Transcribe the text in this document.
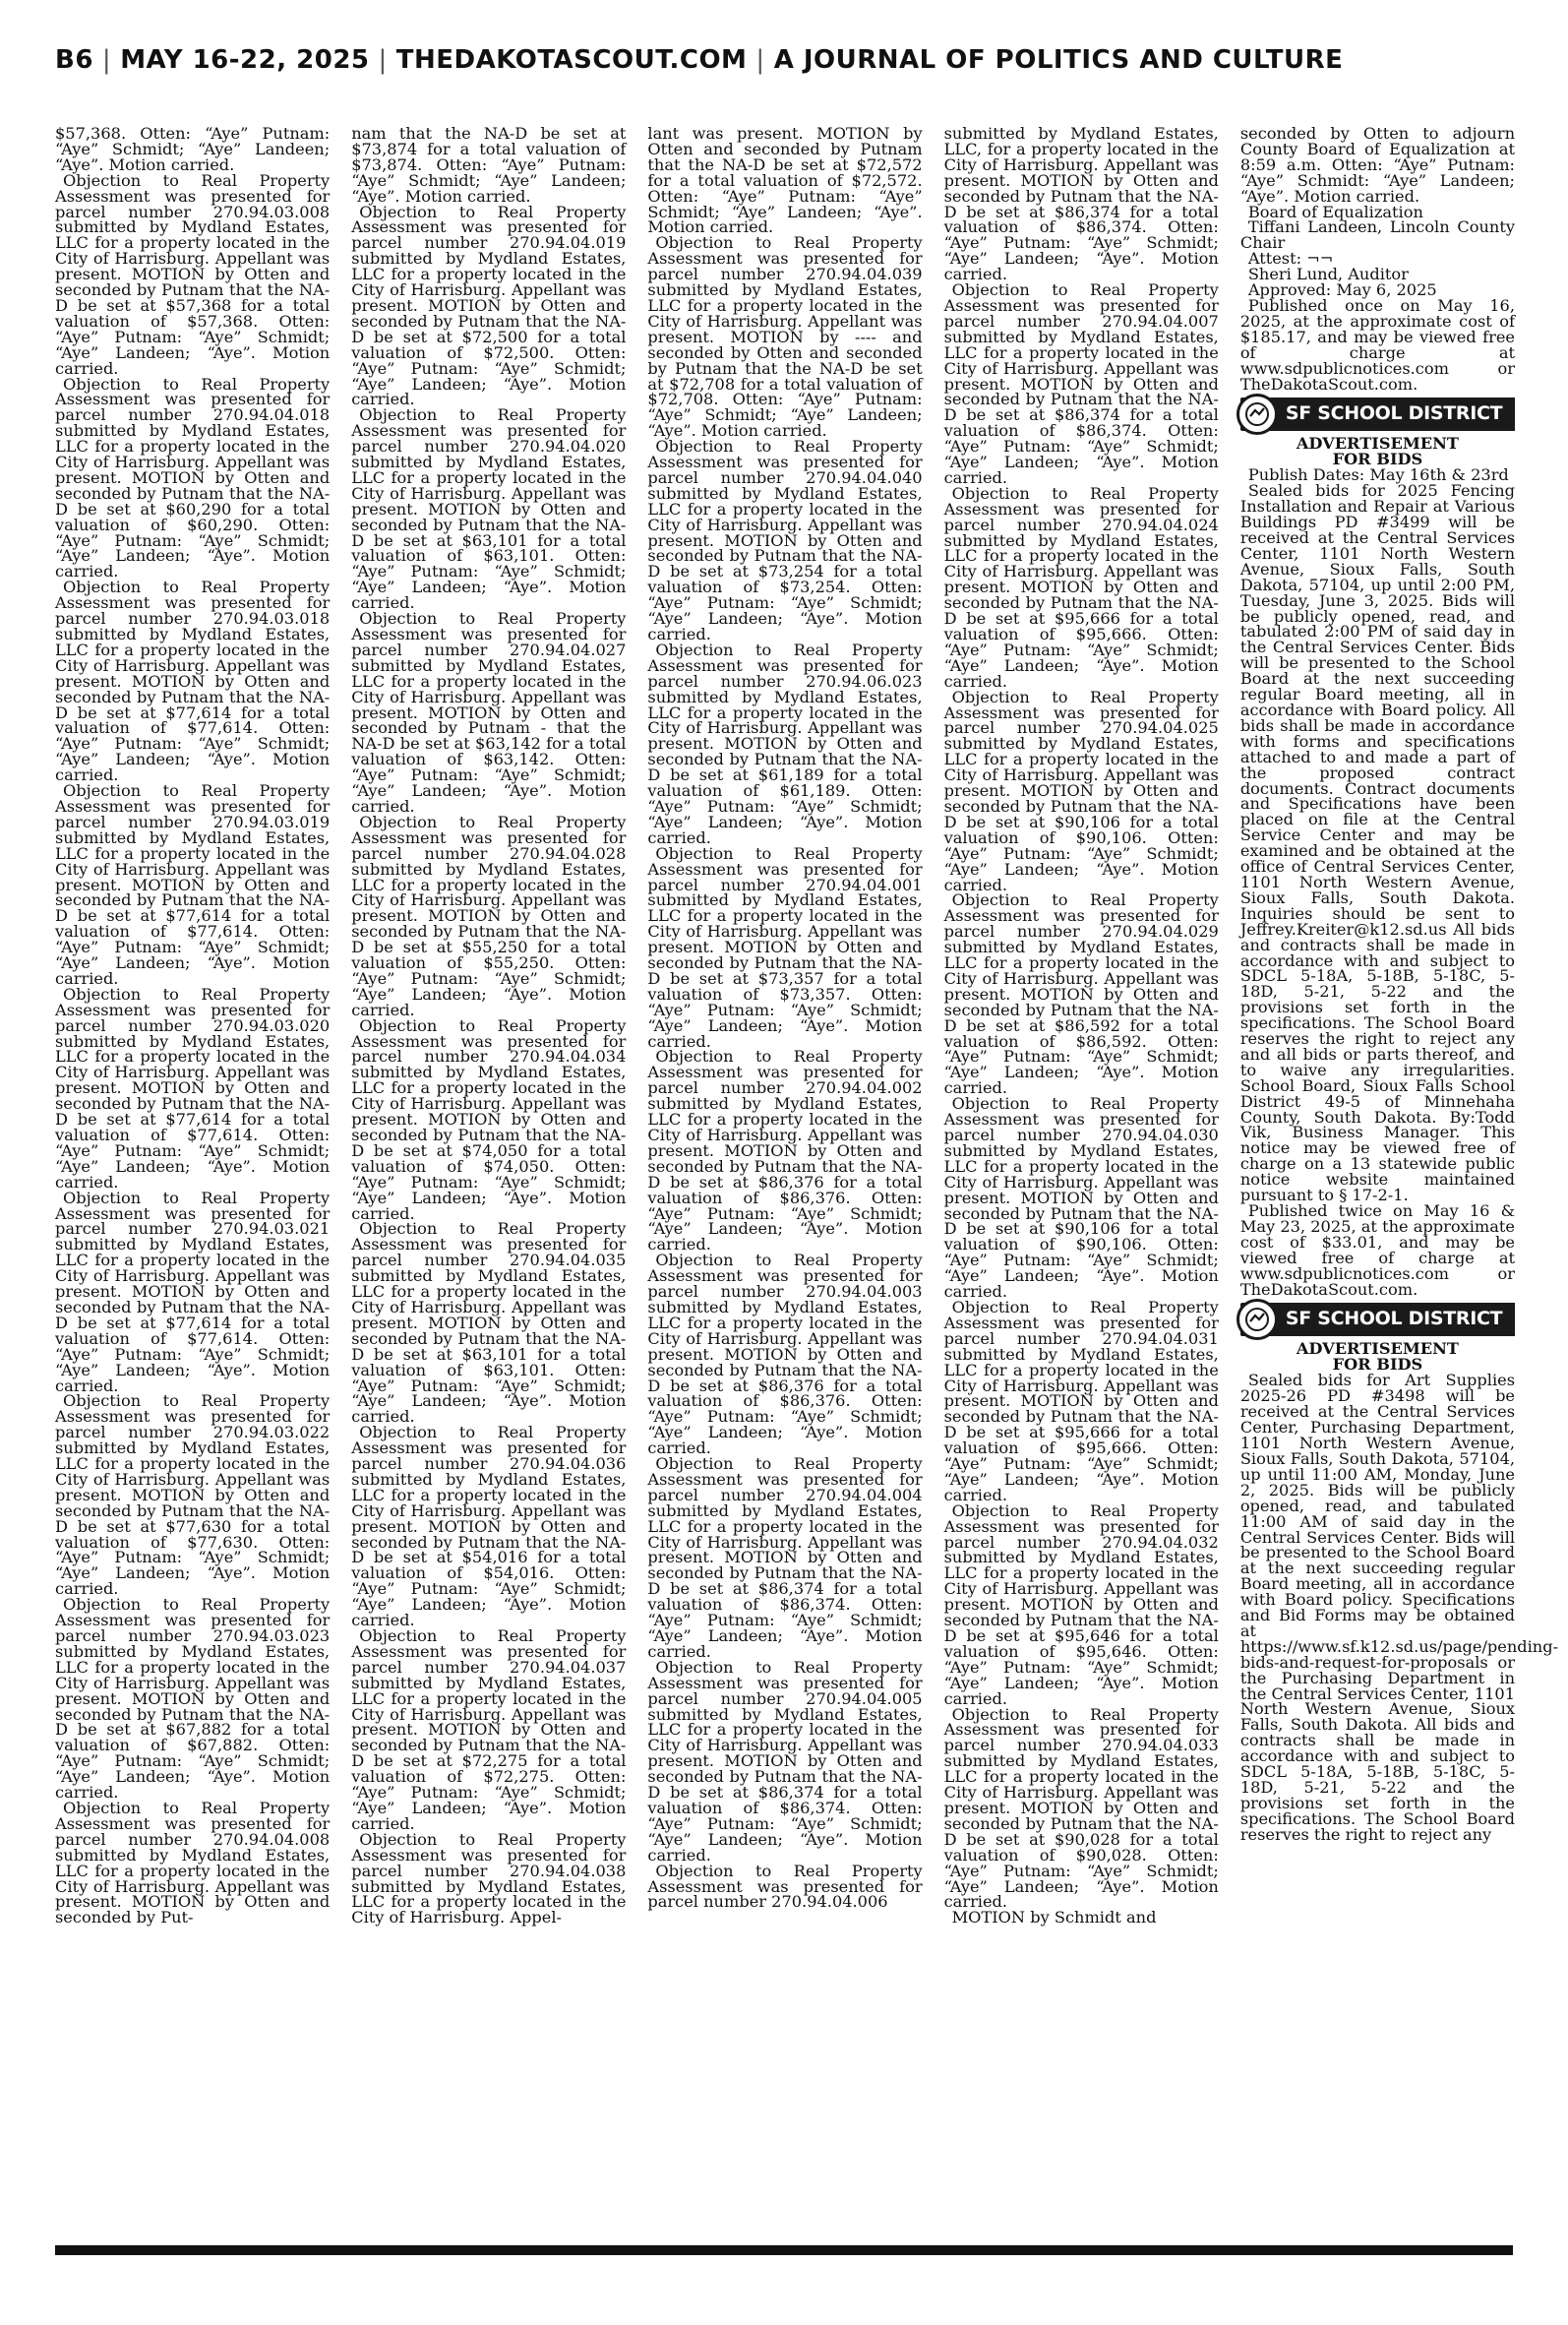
B6 | MAY 16-22, 2025 | THEDAKOTASCOUT.COM | A JOURNAL OF POLITICS AND CULTURE

$57,368. Otten: “Aye” Putnam: “Aye” Schmidt; “Aye” Landeen; “Aye”. Motion carried.

Objection to Real Property Assessment was presented for parcel number 270.94.03.008 submitted by Mydland Estates, LLC for a property located in the City of Harrisburg. Appellant was present. MOTION by Otten and seconded by Putnam that the NA-D be set at $57,368 for a total valuation of $57,368. Otten: “Aye” Putnam: “Aye” Schmidt; “Aye” Landeen; “Aye”. Motion carried.

Objection to Real Property Assessment was presented for parcel number 270.94.04.018 submitted by Mydland Estates, LLC for a property located in the City of Harrisburg. Appellant was present. MOTION by Otten and seconded by Putnam that the NA-D be set at $60,290 for a total valuation of $60,290. Otten: “Aye” Putnam: “Aye” Schmidt; “Aye” Landeen; “Aye”. Motion carried.

Objection to Real Property Assessment was presented for parcel number 270.94.03.018 submitted by Mydland Estates, LLC for a property located in the City of Harrisburg. Appellant was present. MOTION by Otten and seconded by Putnam that the NA-D be set at $77,614 for a total valuation of $77,614. Otten: “Aye” Putnam: “Aye” Schmidt; “Aye” Landeen; “Aye”. Motion carried.

Objection to Real Property Assessment was presented for parcel number 270.94.03.019 submitted by Mydland Estates, LLC for a property located in the City of Harrisburg. Appellant was present. MOTION by Otten and seconded by Putnam that the NA-D be set at $77,614 for a total valuation of $77,614. Otten: “Aye” Putnam: “Aye” Schmidt; “Aye” Landeen; “Aye”. Motion carried.

Objection to Real Property Assessment was presented for parcel number 270.94.03.020 submitted by Mydland Estates, LLC for a property located in the City of Harrisburg. Appellant was present. MOTION by Otten and seconded by Putnam that the NA-D be set at $77,614 for a total valuation of $77,614. Otten: “Aye” Putnam: “Aye” Schmidt; “Aye” Landeen; “Aye”. Motion carried.

Objection to Real Property Assessment was presented for parcel number 270.94.03.021 submitted by Mydland Estates, LLC for a property located in the City of Harrisburg. Appellant was present. MOTION by Otten and seconded by Putnam that the NA-D be set at $77,614 for a total valuation of $77,614. Otten: “Aye” Putnam: “Aye” Schmidt; “Aye” Landeen; “Aye”. Motion carried.

Objection to Real Property Assessment was presented for parcel number 270.94.03.022 submitted by Mydland Estates, LLC for a property located in the City of Harrisburg. Appellant was present. MOTION by Otten and seconded by Putnam that the NA-D be set at $77,630 for a total valuation of $77,630. Otten: “Aye” Putnam: “Aye” Schmidt; “Aye” Landeen; “Aye”. Motion carried.

Objection to Real Property Assessment was presented for parcel number 270.94.03.023 submitted by Mydland Estates, LLC for a property located in the City of Harrisburg. Appellant was present. MOTION by Otten and seconded by Putnam that the NA-D be set at $67,882 for a total valuation of $67,882. Otten: “Aye” Putnam: “Aye” Schmidt; “Aye” Landeen; “Aye”. Motion carried.

Objection to Real Property Assessment was presented for parcel number 270.94.04.008 submitted by Mydland Estates, LLC for a property located in the City of Harrisburg. Appellant was present. MOTION by Otten and seconded by Put-

nam that the NA-D be set at $73,874 for a total valuation of $73,874. Otten: “Aye” Putnam: “Aye” Schmidt; “Aye” Landeen; “Aye”. Motion carried.

Objection to Real Property Assessment was presented for parcel number 270.94.04.019 submitted by Mydland Estates, LLC for a property located in the City of Harrisburg. Appellant was present. MOTION by Otten and seconded by Putnam that the NA-D be set at $72,500 for a total valuation of $72,500. Otten: “Aye” Putnam: “Aye” Schmidt; “Aye” Landeen; “Aye”. Motion carried.

Objection to Real Property Assessment was presented for parcel number 270.94.04.020 submitted by Mydland Estates, LLC for a property located in the City of Harrisburg. Appellant was present. MOTION by Otten and seconded by Putnam that the NA-D be set at $63,101 for a total valuation of $63,101. Otten: “Aye” Putnam: “Aye” Schmidt; “Aye” Landeen; “Aye”. Motion carried.

Objection to Real Property Assessment was presented for parcel number 270.94.04.027 submitted by Mydland Estates, LLC for a property located in the City of Harrisburg. Appellant was present. MOTION by Otten and seconded by Putnam - that the NA-D be set at $63,142 for a total valuation of $63,142. Otten: “Aye” Putnam: “Aye” Schmidt; “Aye” Landeen; “Aye”. Motion carried.

Objection to Real Property Assessment was presented for parcel number 270.94.04.028 submitted by Mydland Estates, LLC for a property located in the City of Harrisburg. Appellant was present. MOTION by Otten and seconded by Putnam that the NA-D be set at $55,250 for a total valuation of $55,250. Otten: “Aye” Putnam: “Aye” Schmidt; “Aye” Landeen; “Aye”. Motion carried.

Objection to Real Property Assessment was presented for parcel number 270.94.04.034 submitted by Mydland Estates, LLC for a property located in the City of Harrisburg. Appellant was present. MOTION by Otten and seconded by Putnam that the NA-D be set at $74,050 for a total valuation of $74,050. Otten: “Aye” Putnam: “Aye” Schmidt; “Aye” Landeen; “Aye”. Motion carried.

Objection to Real Property Assessment was presented for parcel number 270.94.04.035 submitted by Mydland Estates, LLC for a property located in the City of Harrisburg. Appellant was present. MOTION by Otten and seconded by Putnam that the NA-D be set at $63,101 for a total valuation of $63,101. Otten: “Aye” Putnam: “Aye” Schmidt; “Aye” Landeen; “Aye”. Motion carried.

Objection to Real Property Assessment was presented for parcel number 270.94.04.036 submitted by Mydland Estates, LLC for a property located in the City of Harrisburg. Appellant was present. MOTION by Otten and seconded by Putnam that the NA-D be set at $54,016 for a total valuation of $54,016. Otten: “Aye” Putnam: “Aye” Schmidt; “Aye” Landeen; “Aye”. Motion carried.

Objection to Real Property Assessment was presented for parcel number 270.94.04.037 submitted by Mydland Estates, LLC for a property located in the City of Harrisburg. Appellant was present. MOTION by Otten and seconded by Putnam that the NA-D be set at $72,275 for a total valuation of $72,275. Otten: “Aye” Putnam: “Aye” Schmidt; “Aye” Landeen; “Aye”. Motion carried.

Objection to Real Property Assessment was presented for parcel number 270.94.04.038 submitted by Mydland Estates, LLC for a property located in the City of Harrisburg. Appel-

lant was present. MOTION by Otten and seconded by Putnam that the NA-D be set at $72,572 for a total valuation of $72,572. Otten: “Aye” Putnam: “Aye” Schmidt; “Aye” Landeen; “Aye”. Motion carried.

Objection to Real Property Assessment was presented for parcel number 270.94.04.039 submitted by Mydland Estates, LLC for a property located in the City of Harrisburg. Appellant was present. MOTION by ---- and seconded by Otten and seconded by Putnam that the NA-D be set at $72,708 for a total valuation of $72,708. Otten: “Aye” Putnam: “Aye” Schmidt; “Aye” Landeen; “Aye”. Motion carried.

Objection to Real Property Assessment was presented for parcel number 270.94.04.040 submitted by Mydland Estates, LLC for a property located in the City of Harrisburg. Appellant was present. MOTION by Otten and seconded by Putnam that the NA-D be set at $73,254 for a total valuation of $73,254. Otten: “Aye” Putnam: “Aye” Schmidt; “Aye” Landeen; “Aye”. Motion carried.

Objection to Real Property Assessment was presented for parcel number 270.94.06.023 submitted by Mydland Estates, LLC for a property located in the City of Harrisburg. Appellant was present. MOTION by Otten and seconded by Putnam that the NA-D be set at $61,189 for a total valuation of $61,189. Otten: “Aye” Putnam: “Aye” Schmidt; “Aye” Landeen; “Aye”. Motion carried.

Objection to Real Property Assessment was presented for parcel number 270.94.04.001 submitted by Mydland Estates, LLC for a property located in the City of Harrisburg. Appellant was present. MOTION by Otten and seconded by Putnam that the NA-D be set at $73,357 for a total valuation of $73,357. Otten: “Aye” Putnam: “Aye” Schmidt; “Aye” Landeen; “Aye”. Motion carried.

Objection to Real Property Assessment was presented for parcel number 270.94.04.002 submitted by Mydland Estates, LLC for a property located in the City of Harrisburg. Appellant was present. MOTION by Otten and seconded by Putnam that the NA-D be set at $86,376 for a total valuation of $86,376. Otten: “Aye” Putnam: “Aye” Schmidt; “Aye” Landeen; “Aye”. Motion carried.

Objection to Real Property Assessment was presented for parcel number 270.94.04.003 submitted by Mydland Estates, LLC for a property located in the City of Harrisburg. Appellant was present. MOTION by Otten and seconded by Putnam that the NA-D be set at $86,376 for a total valuation of $86,376. Otten: “Aye” Putnam: “Aye” Schmidt; “Aye” Landeen; “Aye”. Motion carried.

Objection to Real Property Assessment was presented for parcel number 270.94.04.004 submitted by Mydland Estates, LLC for a property located in the City of Harrisburg. Appellant was present. MOTION by Otten and seconded by Putnam that the NA-D be set at $86,374 for a total valuation of $86,374. Otten: “Aye” Putnam: “Aye” Schmidt; “Aye” Landeen; “Aye”. Motion carried.

Objection to Real Property Assessment was presented for parcel number 270.94.04.005 submitted by Mydland Estates, LLC for a property located in the City of Harrisburg. Appellant was present. MOTION by Otten and seconded by Putnam that the NA-D be set at $86,374 for a total valuation of $86,374. Otten: “Aye” Putnam: “Aye” Schmidt; “Aye” Landeen; “Aye”. Motion carried.

Objection to Real Property Assessment was presented for parcel number 270.94.04.006

submitted by Mydland Estates, LLC, for a property located in the City of Harrisburg. Appellant was present. MOTION by Otten and seconded by Putnam that the NA-D be set at $86,374 for a total valuation of $86,374. Otten: “Aye” Putnam: “Aye” Schmidt; “Aye” Landeen; “Aye”. Motion carried.

Objection to Real Property Assessment was presented for parcel number 270.94.04.007 submitted by Mydland Estates, LLC for a property located in the City of Harrisburg. Appellant was present. MOTION by Otten and seconded by Putnam that the NA-D be set at $86,374 for a total valuation of $86,374. Otten: “Aye” Putnam: “Aye” Schmidt; “Aye” Landeen; “Aye”. Motion carried.

Objection to Real Property Assessment was presented for parcel number 270.94.04.024 submitted by Mydland Estates, LLC for a property located in the City of Harrisburg. Appellant was present. MOTION by Otten and seconded by Putnam that the NA-D be set at $95,666 for a total valuation of $95,666. Otten: “Aye” Putnam: “Aye” Schmidt; “Aye” Landeen; “Aye”. Motion carried.

Objection to Real Property Assessment was presented for parcel number 270.94.04.025 submitted by Mydland Estates, LLC for a property located in the City of Harrisburg. Appellant was present. MOTION by Otten and seconded by Putnam that the NA-D be set at $90,106 for a total valuation of $90,106. Otten: “Aye” Putnam: “Aye” Schmidt; “Aye” Landeen; “Aye”. Motion carried.

Objection to Real Property Assessment was presented for parcel number 270.94.04.029 submitted by Mydland Estates, LLC for a property located in the City of Harrisburg. Appellant was present. MOTION by Otten and seconded by Putnam that the NA-D be set at $86,592 for a total valuation of $86,592. Otten: “Aye” Putnam: “Aye” Schmidt; “Aye” Landeen; “Aye”. Motion carried.

Objection to Real Property Assessment was presented for parcel number 270.94.04.030 submitted by Mydland Estates, LLC for a property located in the City of Harrisburg. Appellant was present. MOTION by Otten and seconded by Putnam that the NA-D be set at $90,106 for a total valuation of $90,106. Otten: “Aye” Putnam: “Aye” Schmidt; “Aye” Landeen; “Aye”. Motion carried.

Objection to Real Property Assessment was presented for parcel number 270.94.04.031 submitted by Mydland Estates, LLC for a property located in the City of Harrisburg. Appellant was present. MOTION by Otten and seconded by Putnam that the NA-D be set at $95,666 for a total valuation of $95,666. Otten: “Aye” Putnam: “Aye” Schmidt; “Aye” Landeen; “Aye”. Motion carried.

Objection to Real Property Assessment was presented for parcel number 270.94.04.032 submitted by Mydland Estates, LLC for a property located in the City of Harrisburg. Appellant was present. MOTION by Otten and seconded by Putnam that the NA-D be set at $95,646 for a total valuation of $95,646. Otten: “Aye” Putnam: “Aye” Schmidt; “Aye” Landeen; “Aye”. Motion carried.

Objection to Real Property Assessment was presented for parcel number 270.94.04.033 submitted by Mydland Estates, LLC for a property located in the City of Harrisburg. Appellant was present. MOTION by Otten and seconded by Putnam that the NA-D be set at $90,028 for a total valuation of $90,028. Otten: “Aye” Putnam: “Aye” Schmidt; “Aye” Landeen; “Aye”. Motion carried.

MOTION by Schmidt and

seconded by Otten to adjourn County Board of Equalization at 8:59 a.m. Otten: “Aye” Putnam: “Aye” Schmidt: “Aye” Landeen; “Aye”. Motion carried.

Board of Equalization

Tiffani Landeen, Lincoln County Chair

Attest: ¬¬

Sheri Lund, Auditor

Approved: May 6, 2025

Published once on May 16, 2025, at the approximate cost of $185.17, and may be viewed free of charge at www.sdpublicnotices.com or TheDakotaScout.com.

SF SCHOOL DISTRICT

ADVERTISEMENT

FOR BIDS

Publish Dates: May 16th & 23rd

Sealed bids for 2025 Fencing Installation and Repair at Various Buildings PD #3499 will be received at the Central Services Center, 1101 North Western Avenue, Sioux Falls, South Dakota, 57104, up until 2:00 PM, Tuesday, June 3, 2025. Bids will be publicly opened, read, and tabulated 2:00 PM of said day in the Central Services Center. Bids will be presented to the School Board at the next succeeding regular Board meeting, all in accordance with Board policy. All bids shall be made in accordance with forms and specifications attached to and made a part of the proposed contract documents. Contract documents and Specifications have been placed on file at the Central Service Center and may be examined and be obtained at the office of Central Services Center, 1101 North Western Avenue, Sioux Falls, South Dakota. Inquiries should be sent to Jeffrey.Kreiter@k12.sd.us All bids and contracts shall be made in accordance with and subject to SDCL 5-18A, 5-18B, 5-18C, 5-18D, 5-21, 5-22 and the provisions set forth in the specifications. The School Board reserves the right to reject any and all bids or parts thereof, and to waive any irregularities. School Board, Sioux Falls School District 49-5 of Minnehaha County, South Dakota. By:Todd Vik, Business Manager. This notice may be viewed free of charge on a 13 statewide public notice website maintained pursuant to § 17-2-1.

Published twice on May 16 & May 23, 2025, at the approximate cost of $33.01, and may be viewed free of charge at www.sdpublicnotices.com or TheDakotaScout.com.

SF SCHOOL DISTRICT

ADVERTISEMENT

FOR BIDS

Sealed bids for Art Supplies 2025-26 PD #3498 will be received at the Central Services Center, Purchasing Department, 1101 North Western Avenue, Sioux Falls, South Dakota, 57104, up until 11:00 AM, Monday, June 2, 2025. Bids will be publicly opened, read, and tabulated 11:00 AM of said day in the Central Services Center. Bids will be presented to the School Board at the next succeeding regular Board meeting, all in accordance with Board policy. Specifications and Bid Forms may be obtained at https://www.sf.k12.sd.us/page/pending-bids-and-request-for-proposals or the Purchasing Department in the Central Services Center, 1101 North Western Avenue, Sioux Falls, South Dakota. All bids and contracts shall be made in accordance with and subject to SDCL 5-18A, 5-18B, 5-18C, 5-18D, 5-21, 5-22 and the provisions set forth in the specifications. The School Board reserves the right to reject any
